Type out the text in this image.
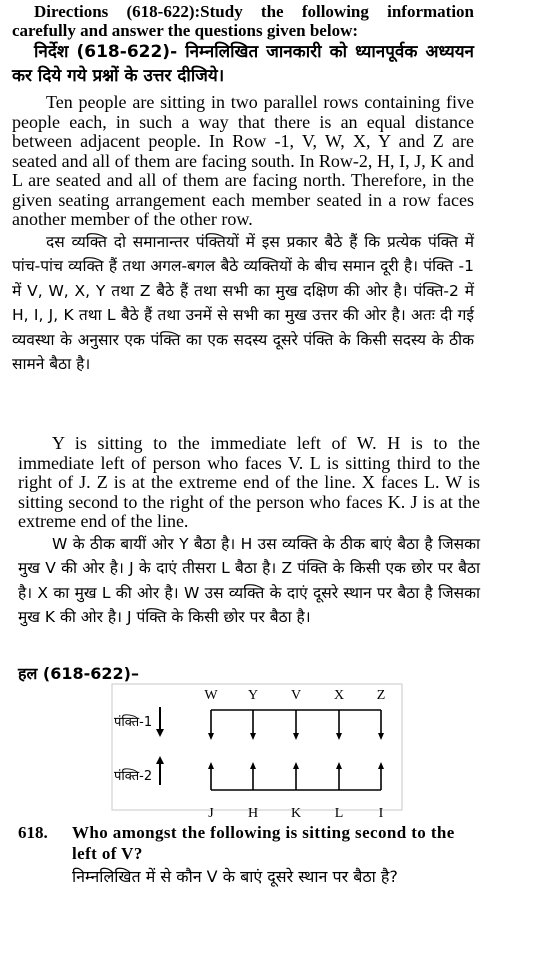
Directions (618-622):Study the following information carefully and answer the questions given below:

निर्देश (618-622)- निम्नलिखित जानकारी को ध्यानपूर्वक अध्ययन कर दिये गये प्रश्नों के उत्तर दीजिये।

Ten people are sitting in two parallel rows containing five people each, in such a way that there is an equal distance between adjacent people. In Row -1, V, W, X, Y and Z are seated and all of them are facing south. In Row-2, H, I, J, K and L are seated and all of them are facing north. Therefore, in the given seating arrangement each member seated in a row faces another member of the other row.

दस व्यक्ति दो समानान्तर पंक्तियों में इस प्रकार बैठे हैं कि प्रत्येक पंक्ति में पांच-पांच व्यक्ति हैं तथा अगल-बगल बैठे व्यक्तियों के बीच समान दूरी है। पंक्ति -1 में V, W, X, Y तथा Z बैठे हैं तथा सभी का मुख दक्षिण की ओर है। पंक्ति-2 में H, I, J, K तथा L बैठे हैं तथा उनमें से सभी का मुख उत्तर की ओर है। अतः दी गई व्यवस्था के अनुसार एक पंक्ति का एक सदस्य दूसरे पंक्ति के किसी सदस्य के ठीक सामने बैठा है।

Y is sitting to the immediate left of W. H is to the immediate left of person who faces V. L is sitting third to the right of J. Z is at the extreme end of the line. X faces L. W is sitting second to the right of the person who faces K. J is at the extreme end of the line.

W के ठीक बायीं ओर Y बैठा है। H उस व्यक्ति के ठीक बाएं बैठा है जिसका मुख V की ओर है। J के दाएं तीसरा L बैठा है। Z पंक्ति के किसी एक छोर पर बैठा है। X का मुख L की ओर है। W उस व्यक्ति के दाएं दूसरे स्थान पर बैठा है जिसका मुख K की ओर है। J पंक्ति के किसी छोर पर बैठा है।

हल (618-622)–
पंक्ति-1
पंक्ति-2
W Y V X Z
J H K L	I
618.	Who amongst the following is sitting second to the left of V?
निम्नलिखित में से कौन V के बाएं दूसरे स्थान पर बैठा है?
